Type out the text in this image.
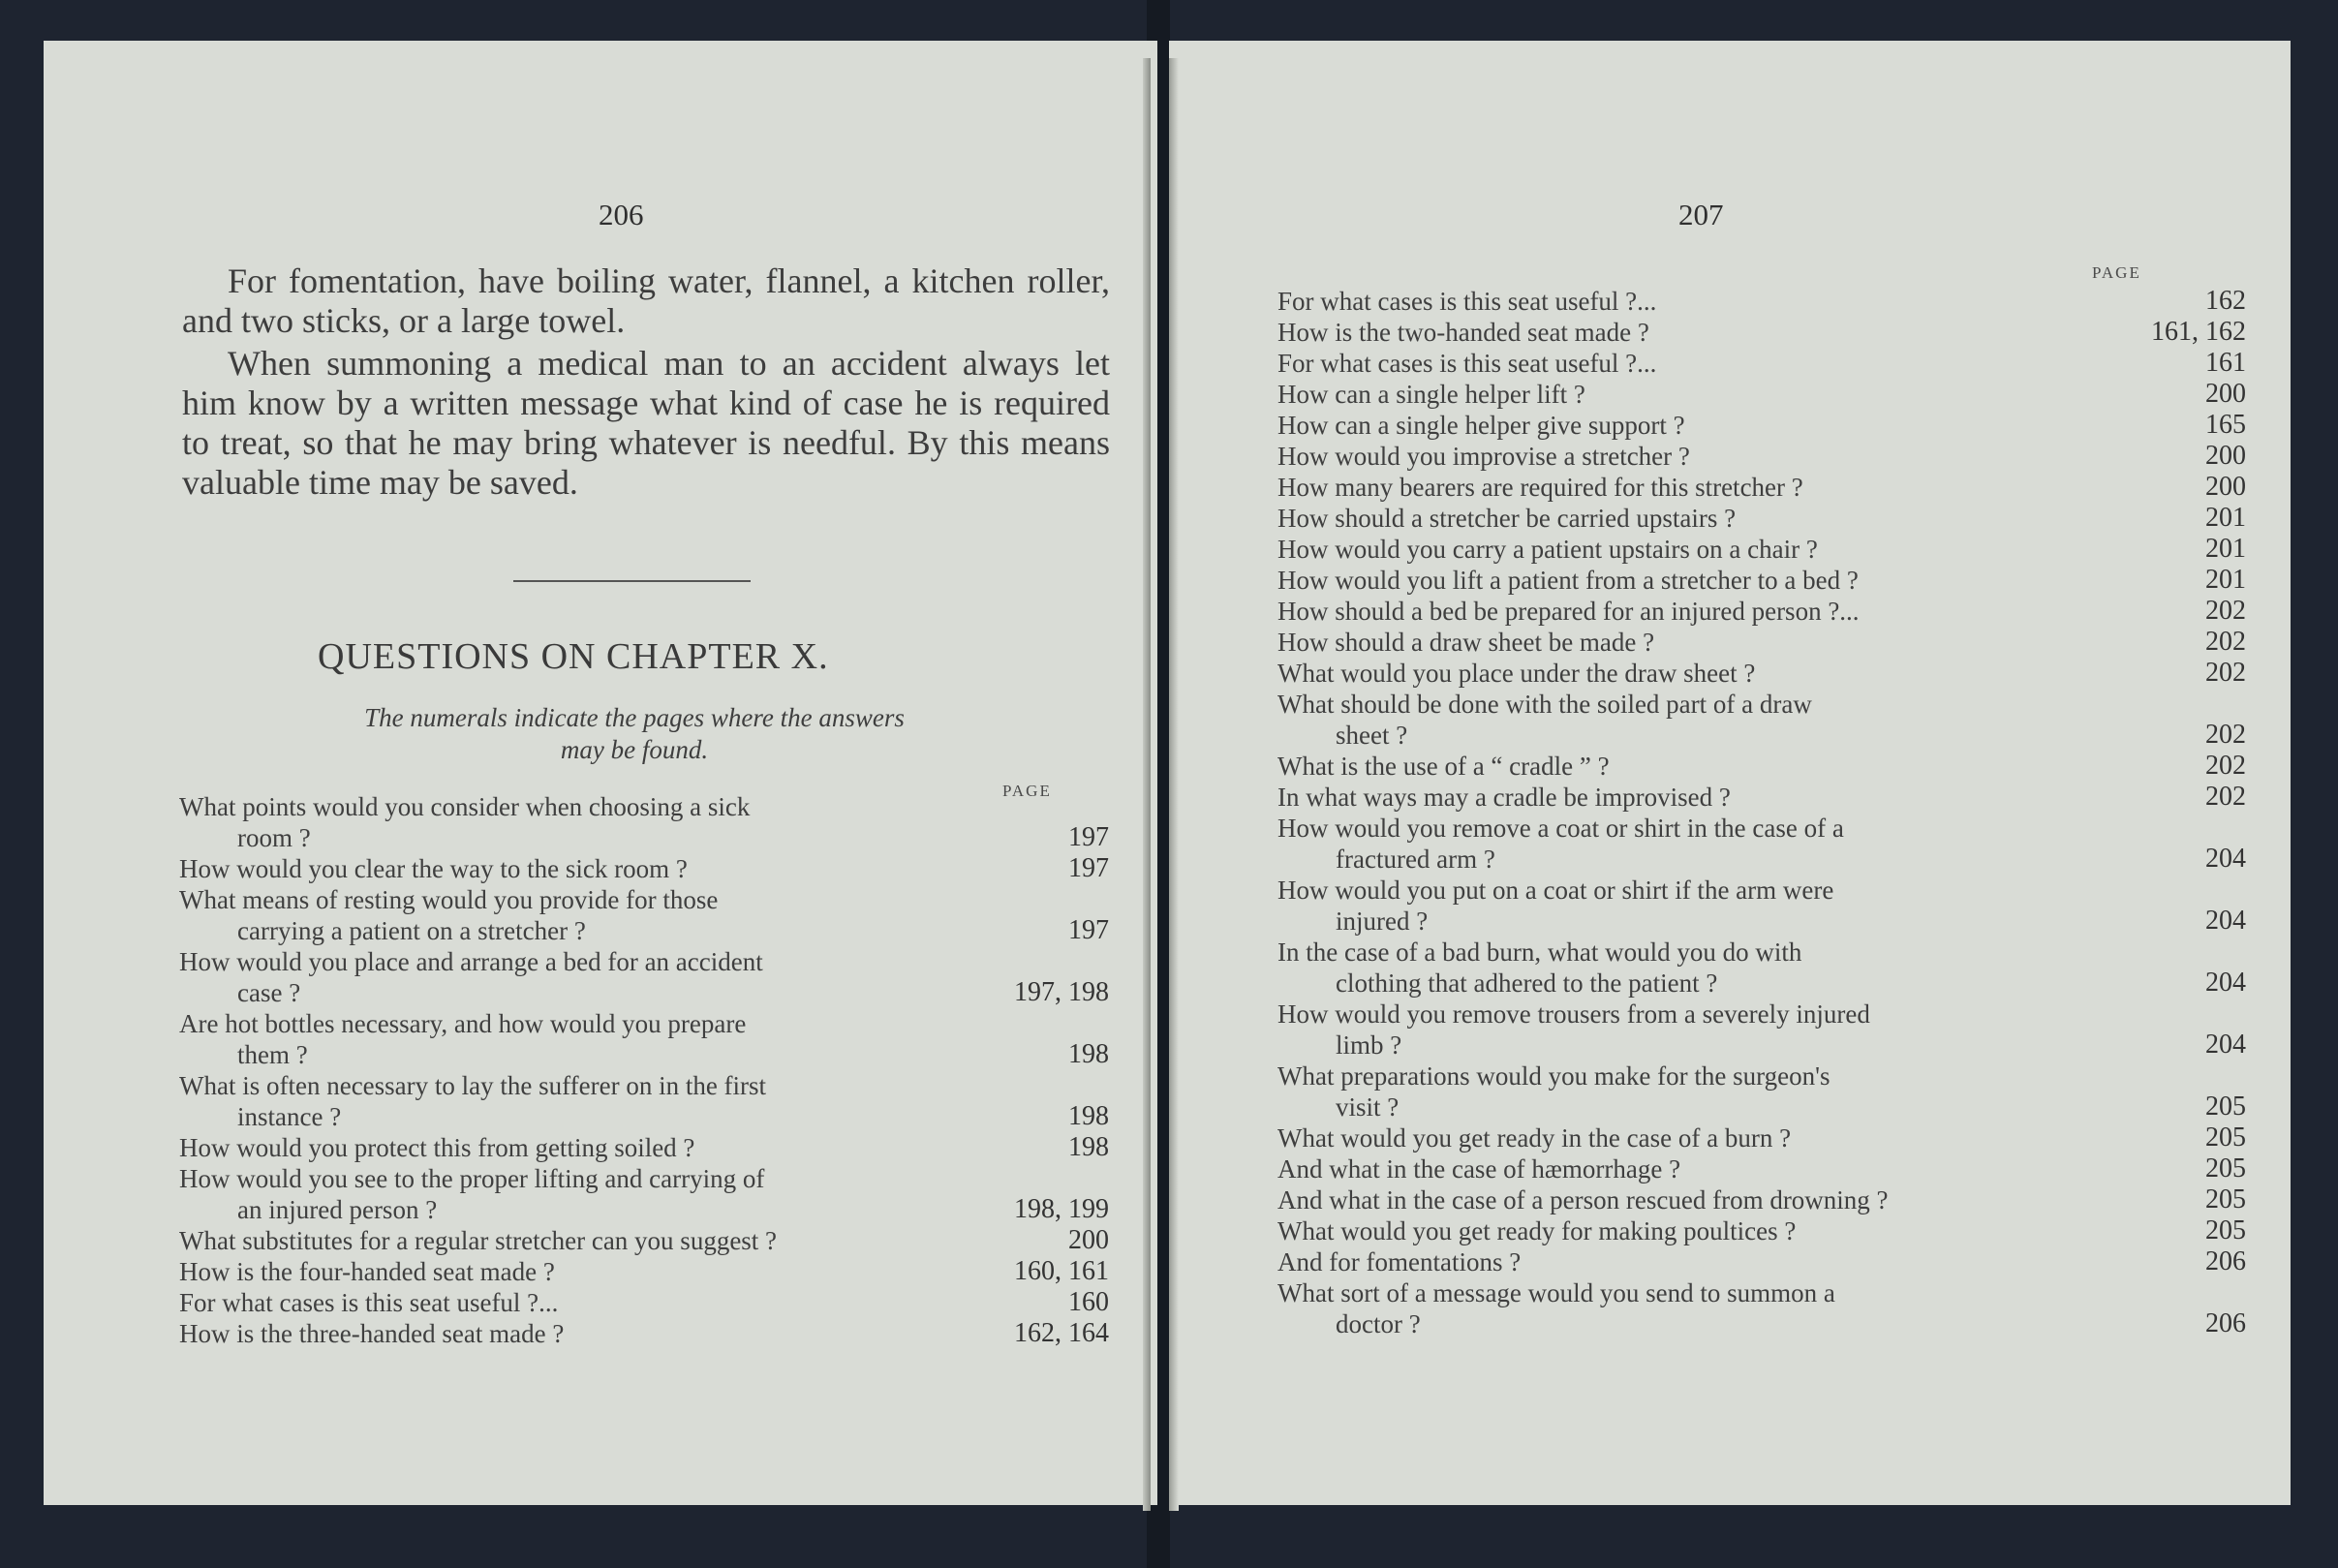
206

For fomentation, have boiling water, flannel, a kitchen roller, and two sticks, or a large towel.

When summoning a medical man to an accident always let him know by a written message what kind of case he is required to treat, so that he may bring whatever is needful. By this means valuable time may be saved.

QUESTIONS ON CHAPTER X.
The numerals indicate the pages where the answers
may be found.
PAGE
What points would you consider when choosing a sick
room ?	197
How would you clear the way to the sick room ?	197
What means of resting would you provide for those
carrying a patient on a stretcher ?	197
How would you place and arrange a bed for an accident
case ?	197, 198
Are hot bottles necessary, and how would you prepare
them ?	198
What is often necessary to lay the sufferer on in the first
instance ?	198
How would you protect this from getting soiled ?	198
How would you see to the proper lifting and carrying of
an injured person ?	198, 199
What substitutes for a regular stretcher can you suggest ?	200
How is the four-handed seat made ?	160, 161
For what cases is this seat useful ?...	160
How is the three-handed seat made ?	162, 164
207
PAGE
For what cases is this seat useful ?...	162
How is the two-handed seat made ?	161, 162
For what cases is this seat useful ?...	161
How can a single helper lift ?	200
How can a single helper give support ?	165
How would you improvise a stretcher ?	200
How many bearers are required for this stretcher ?	200
How should a stretcher be carried upstairs ?	201
How would you carry a patient upstairs on a chair ?	201
How would you lift a patient from a stretcher to a bed ?	201
How should a bed be prepared for an injured person ?...	202
How should a draw sheet be made ?	202
What would you place under the draw sheet ?	202
What should be done with the soiled part of a draw
sheet ?	202
What is the use of a “ cradle ” ?	202
In what ways may a cradle be improvised ?	202
How would you remove a coat or shirt in the case of a
fractured arm ?	204
How would you put on a coat or shirt if the arm were
injured ?	204
In the case of a bad burn, what would you do with
clothing that adhered to the patient ?	204
How would you remove trousers from a severely injured
limb ?	204
What preparations would you make for the surgeon's
visit ?	205
What would you get ready in the case of a burn ?	205
And what in the case of hæmorrhage ?	205
And what in the case of a person rescued from drowning ?	205
What would you get ready for making poultices ?	205
And for fomentations ?	206
What sort of a message would you send to summon a
doctor ?	206
